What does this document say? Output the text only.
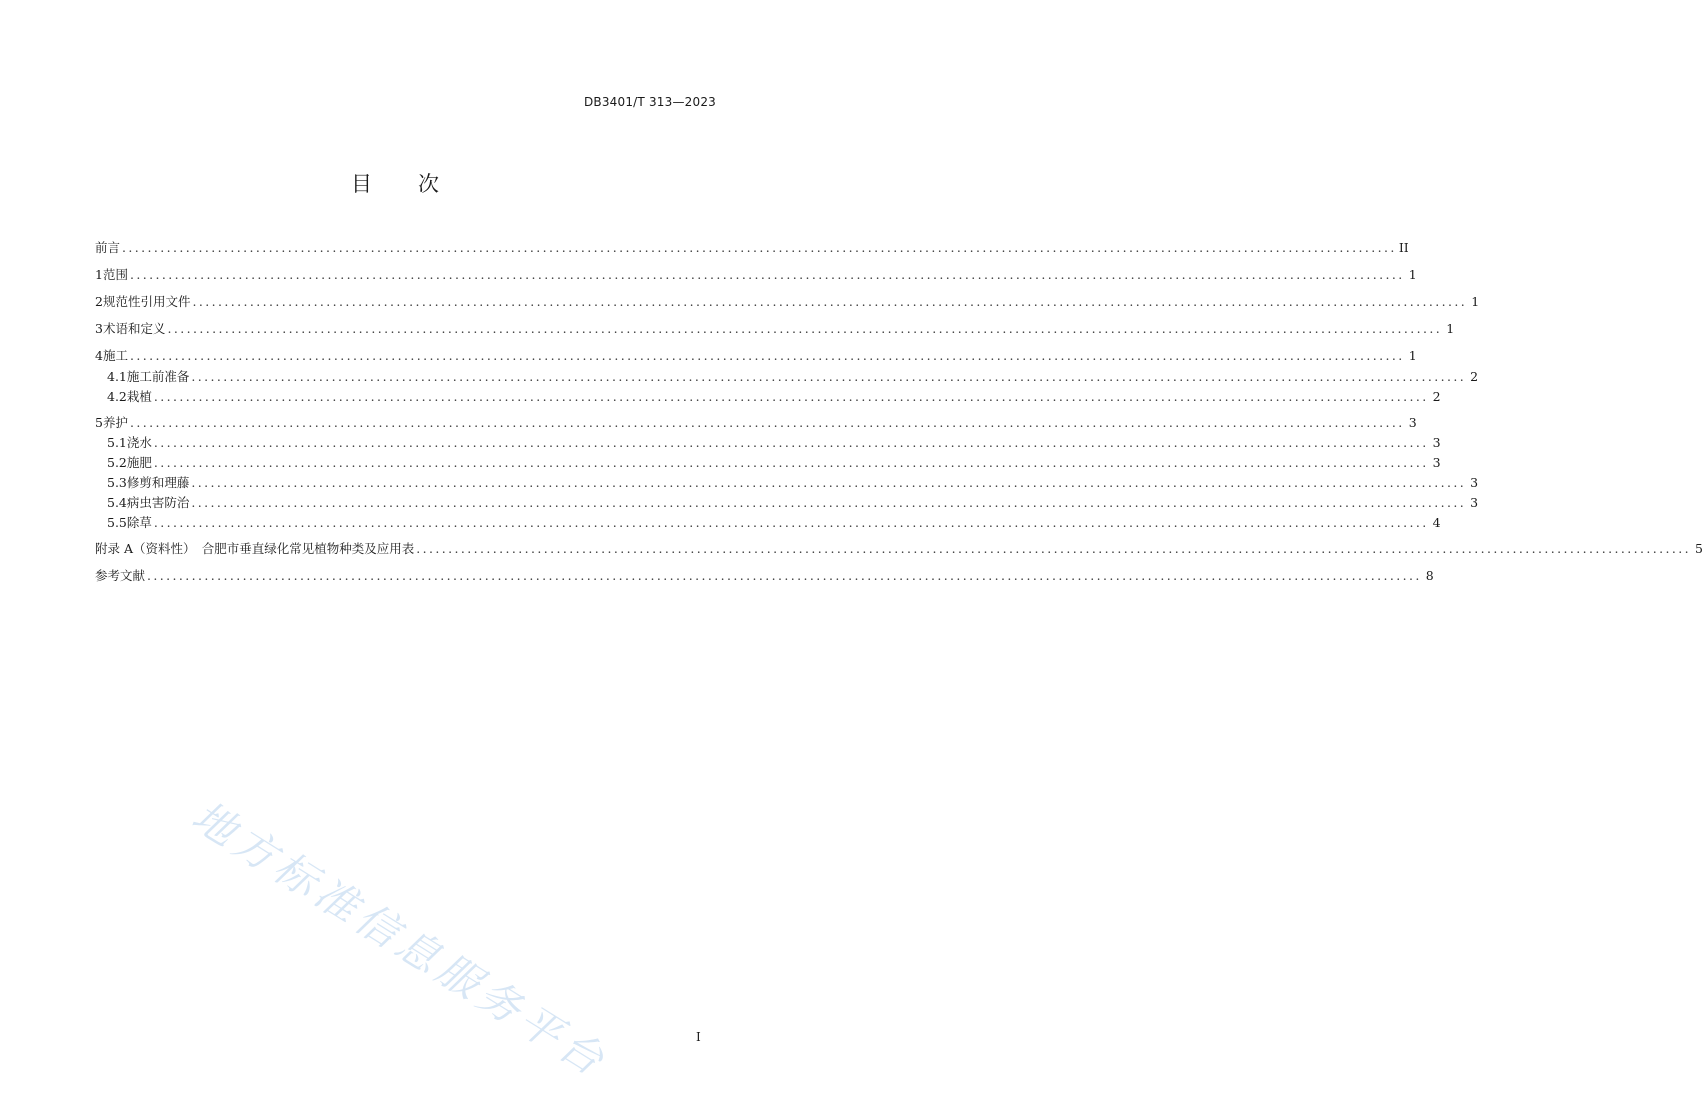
DB3401/T 313—2023
目 次
前言 ........................................................................................................................................................................................................ II
1 范围 ........................................................................................................................................................................................................ 1
2 规范性引用文件 ........................................................................................................................................................................................................ 1
3 术语和定义 ........................................................................................................................................................................................................ 1
4 施工 ........................................................................................................................................................................................................ 1
4.1 施工前准备 ........................................................................................................................................................................................................ 2
4.2 栽植 ........................................................................................................................................................................................................ 2
5 养护 ........................................................................................................................................................................................................ 3
5.1 浇水 ........................................................................................................................................................................................................ 3
5.2 施肥 ........................................................................................................................................................................................................ 3
5.3 修剪和理藤 ........................................................................................................................................................................................................ 3
5.4 病虫害防治 ........................................................................................................................................................................................................ 3
5.5 除草 ........................................................................................................................................................................................................ 4
附录 A（资料性）　合肥市垂直绿化常见植物种类及应用表 ........................................................................................................................................................................................................ 5
参考文献 ........................................................................................................................................................................................................ 8
地方标准信息服务平台	I
